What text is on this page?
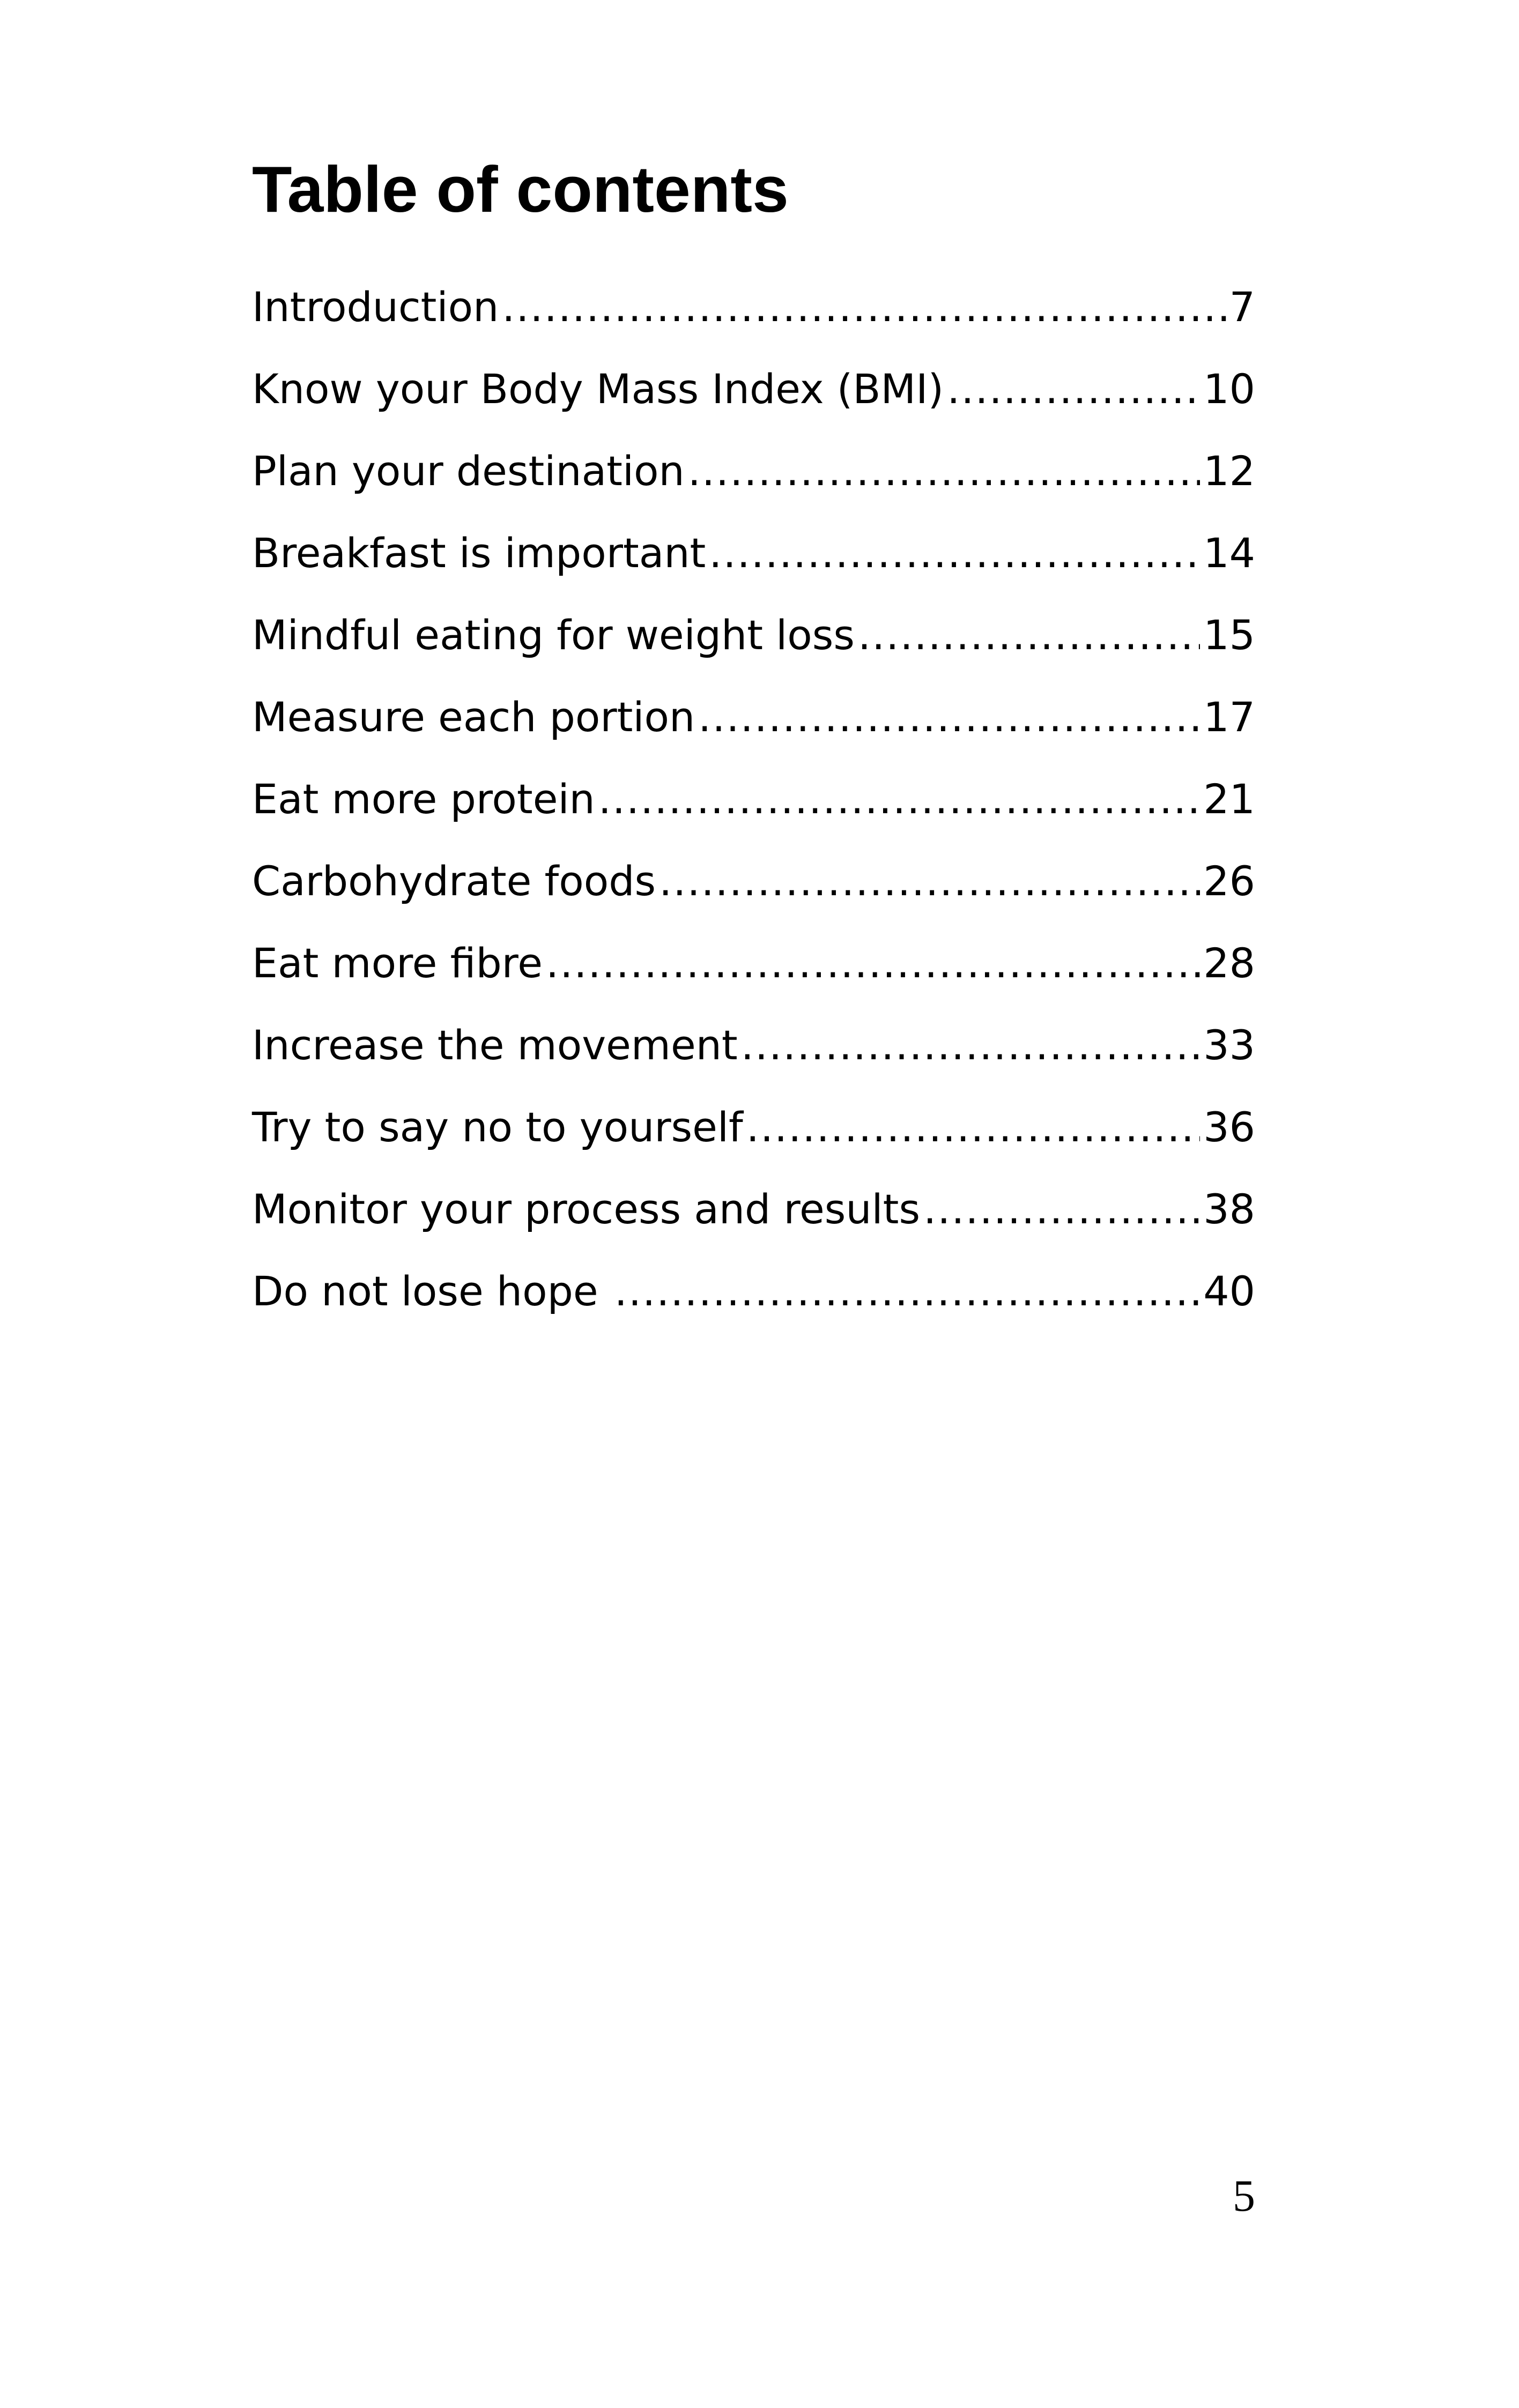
Table of contents
Introduction .....	7
Know your Body Mass Index (BMI) .....	10
Plan your destination .....	12
Breakfast is important .....	14
Mindful eating for weight loss .....	15
Measure each portion .....	17
Eat more protein .....	21
Carbohydrate foods .....	26
Eat more fibre .....	28
Increase the movement .....	33
Try to say no to yourself .....	36
Monitor your process and results .....	38
Do not lose hope .....	40
5
